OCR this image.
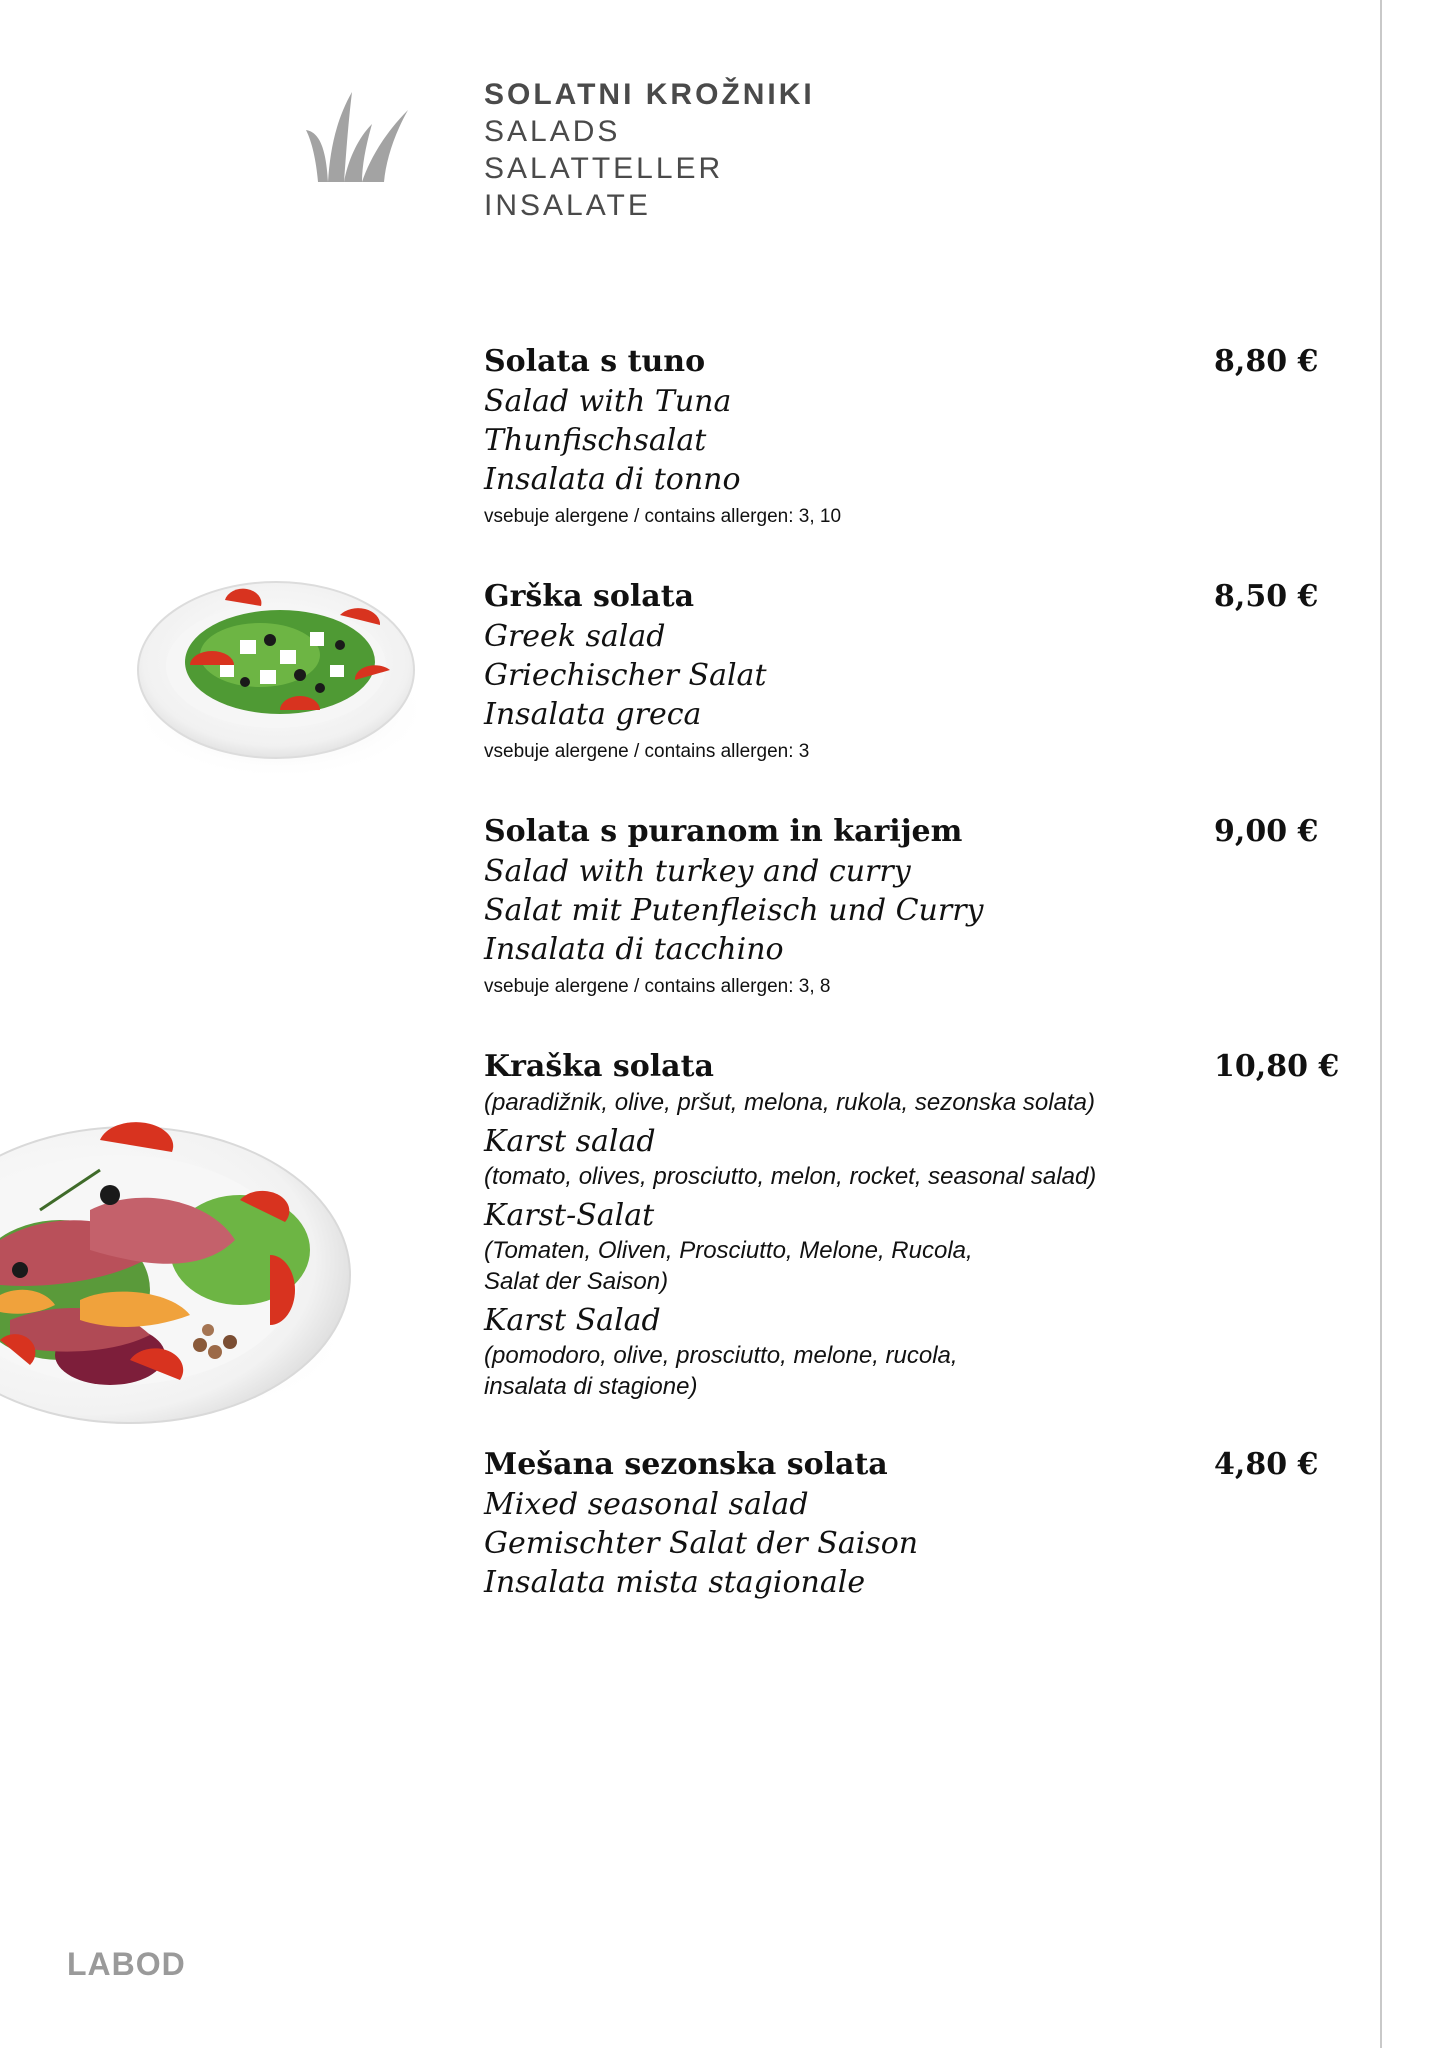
SOLATNI KROŽNIKI
SALADS
SALATTELLER
INSALATE
Solata s tuno	8,80 €
Salad with Tuna
Thunfischsalat
Insalata di tonno
vsebuje alergene / contains allergen: 3, 10
Grška solata	8,50 €
Greek salad
Griechischer Salat
Insalata greca
vsebuje alergene / contains allergen: 3
Solata s puranom in karijem	9,00 €
Salad with turkey and curry
Salat mit Putenfleisch und Curry
Insalata di tacchino
vsebuje alergene / contains allergen: 3, 8
Kraška solata	10,80 €
(paradižnik, olive, pršut, melona, rukola, sezonska solata)
Karst salad
(tomato, olives, prosciutto, melon, rocket, seasonal salad)
Karst-Salat
(Tomaten, Oliven, Prosciutto, Melone, Rucola,
Salat der Saison)
Karst Salad
(pomodoro, olive, prosciutto, melone, rucola,
insalata di stagione)
Mešana sezonska solata	4,80 €
Mixed seasonal salad
Gemischter Salat der Saison
Insalata mista stagionale
LABOD
